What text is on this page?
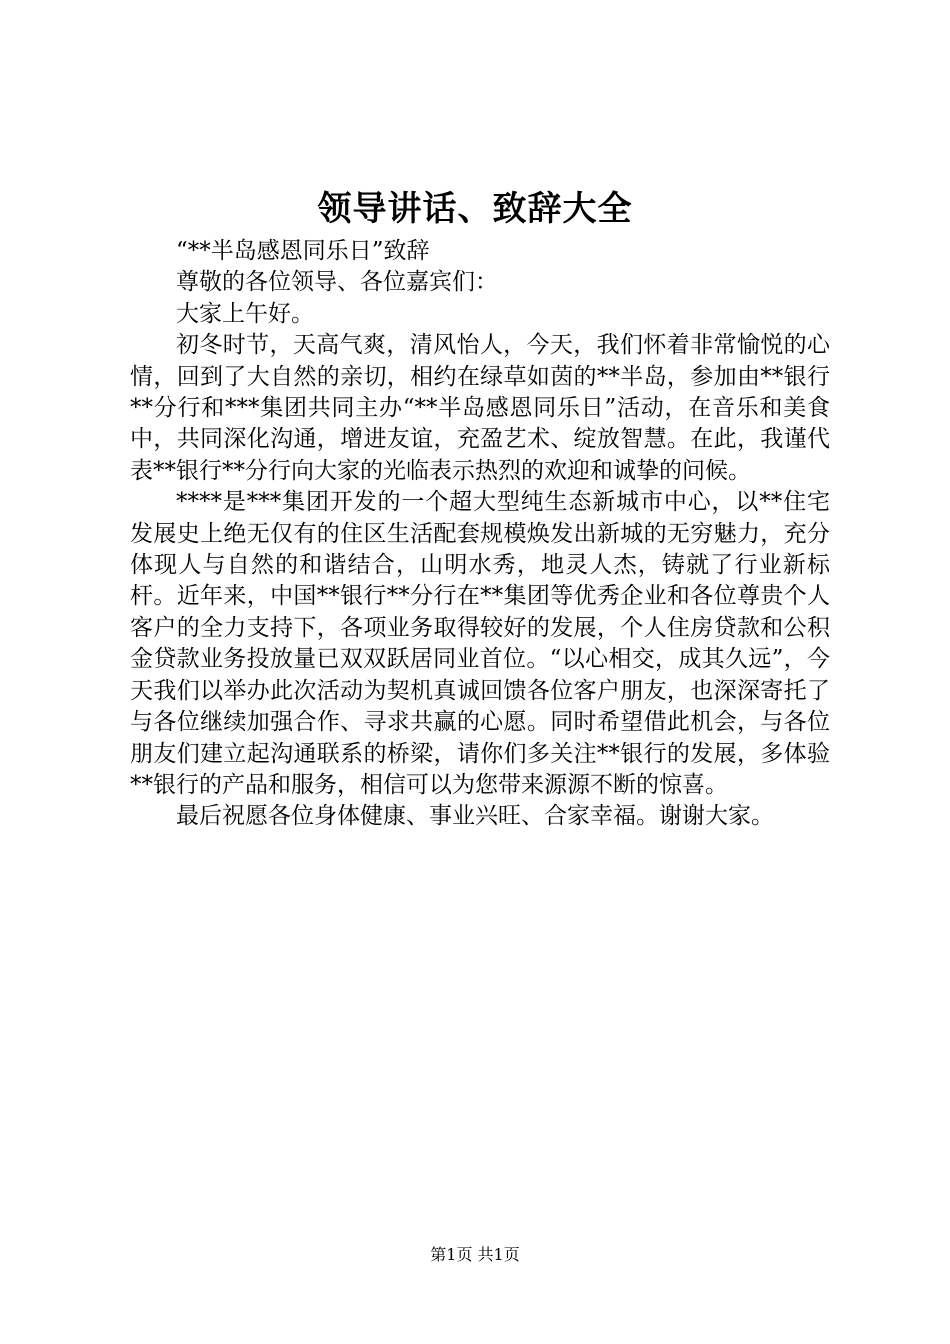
领导讲话、致辞大全

“**半岛感恩同乐日”致辞

尊敬的各位领导、各位嘉宾们：

大家上午好。

初冬时节，天高气爽，清风怡人，今天，我们怀着非常愉悦的心情，回到了大自然的亲切，相约在绿草如茵的**半岛，参加由**银行**分行和***集团共同主办“**半岛感恩同乐日”活动，在音乐和美食中，共同深化沟通，增进友谊，充盈艺术、绽放智慧。在此，我谨代表**银行**分行向大家的光临表示热烈的欢迎和诚挚的问候。

****是***集团开发的一个超大型纯生态新城市中心，以**住宅发展史上绝无仅有的住区生活配套规模焕发出新城的无穷魅力，充分体现人与自然的和谐结合，山明水秀，地灵人杰，铸就了行业新标杆。近年来，中国**银行**分行在**集团等优秀企业和各位尊贵个人客户的全力支持下，各项业务取得较好的发展，个人住房贷款和公积金贷款业务投放量已双双跃居同业首位。“以心相交，成其久远”，今天我们以举办此次活动为契机真诚回馈各位客户朋友，也深深寄托了与各位继续加强合作、寻求共赢的心愿。同时希望借此机会，与各位朋友们建立起沟通联系的桥梁，请你们多关注**银行的发展，多体验**银行的产品和服务，相信可以为您带来源源不断的惊喜。

最后祝愿各位身体健康、事业兴旺、合家幸福。谢谢大家。

第1页 共1页
